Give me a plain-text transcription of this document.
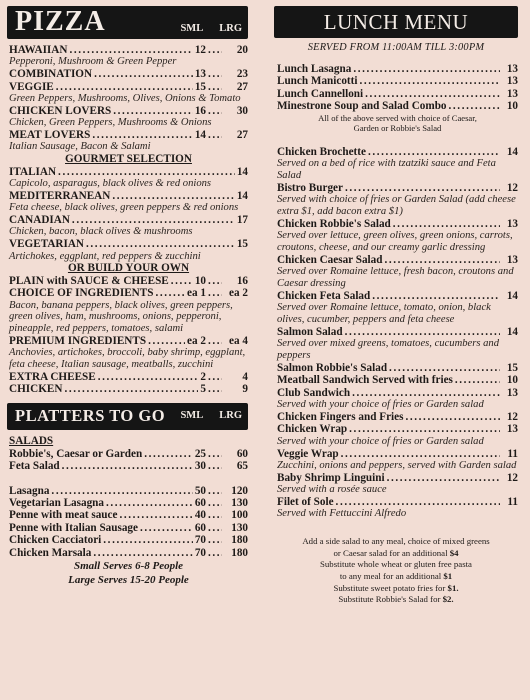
PIZZA	SML LRG
HAWAIIAN . . .	12 . . .	20
Pepperoni, Mushroom & Green Pepper
COMBINATION . . .	13 . . .	23
VEGGIE . . .	15 . . .	27
Green Peppers, Mushrooms, Olives, Onions & Tomato
CHICKEN LOVERS . . .	16 . . .	30
Chicken, Green Peppers, Mushrooms & Onions
MEAT LOVERS . . .	14 . . .	27
Italian Sausage, Bacon & Salami
GOURMET SELECTION
ITALIAN . . .	14
Capicolo, asparagus, black olives & red onions
MEDITERRANEAN . . .	14
Feta cheese, black olives, green peppers & red onions
CANADIAN . . .	17
Chicken, bacon, black olives & mushrooms
VEGETARIAN . . .	15
Artichokes, eggplant, red peppers & zucchini
OR BUILD YOUR OWN
PLAIN with SAUCE & CHEESE . . . 10 . . .	16
CHOICE OF INGREDIENTS . . .	ea 1 . . .	ea 2
Bacon, banana peppers, black olives, green peppers, green olives, ham, mushrooms, onions, pepperoni, pineapple, red peppers, tomatoes, salami
PREMIUM INGREDIENTS . . .	ea 2 . . .	ea 4
Anchovies, artichokes, broccoli, baby shrimp, eggplant, feta cheese, Italian sausage, meatballs, zucchini
EXTRA CHEESE . . .	2 . . .	4
CHICKEN . . .	5 . . .	9
PLATTERS TO GO SML LRG
SALADS
Robbie's, Caesar or Garden . . .	25 . . .	60
Feta Salad . . .	30 . . .	65
Lasagna . . .	50 . . .	120
Vegetarian Lasagna . . .	60 . . .	130
Penne with meat sauce . . .	40 . . .	100
Penne with Italian Sausage . . .	60 . . .	130
Chicken Cacciatori . . .	70 . . .	180
Chicken Marsala . . .	70 . . .	180
Small Serves 6-8 People
Large Serves 15-20 People
LUNCH MENU
SERVED FROM 11:00AM TILL 3:00PM
Lunch Lasagna . . .	13
Lunch Manicotti . . .	13
Lunch Cannelloni . . .	13
Minestrone Soup and Salad Combo . . .	10
All of the above served with choice of Caesar,
Garden or Robbie's Salad
Chicken Brochette . . .	14
Served on a bed of rice with tzatziki sauce and Feta Salad
Bistro Burger . . .	12
Served with choice of fries or Garden Salad (add cheese extra $1, add bacon extra $1)
Chicken Robbie's Salad . . .	13
Served over lettuce, green olives, green onions, carrots, croutons, cheese, and our creamy garlic dressing
Chicken Caesar Salad . . .	13
Served over Romaine lettuce, fresh bacon, croutons and Caesar dressing
Chicken Feta Salad . . .	14
Served over Romaine lettuce, tomato, onion, black olives, cucumber, peppers and feta cheese
Salmon Salad . . .	14
Served over mixed greens, tomatoes, cucumbers and peppers
Salmon Robbie's Salad . . .	15
Meatball Sandwich Served with fries . . .	10
Club Sandwich . . .	13
Served with your choice of fries or Garden salad
Chicken Fingers and Fries . . .	12
Chicken Wrap . . .	13
Served with your choice of fries or Garden salad
Veggie Wrap . . .	11
Zucchini, onions and peppers, served with Garden salad
Baby Shrimp Linguini . . .	12
Served with a rosée sauce
Filet of Sole . . .	11
Served with Fettuccini Alfredo
Add a side salad to any meal, choice of mixed greens
or Caesar salad for an additional $4
Substitute whole wheat or gluten free pasta
to any meal for an additional $1
Substitute sweet potato fries for $1.
Substitute Robbie's Salad for $2.
